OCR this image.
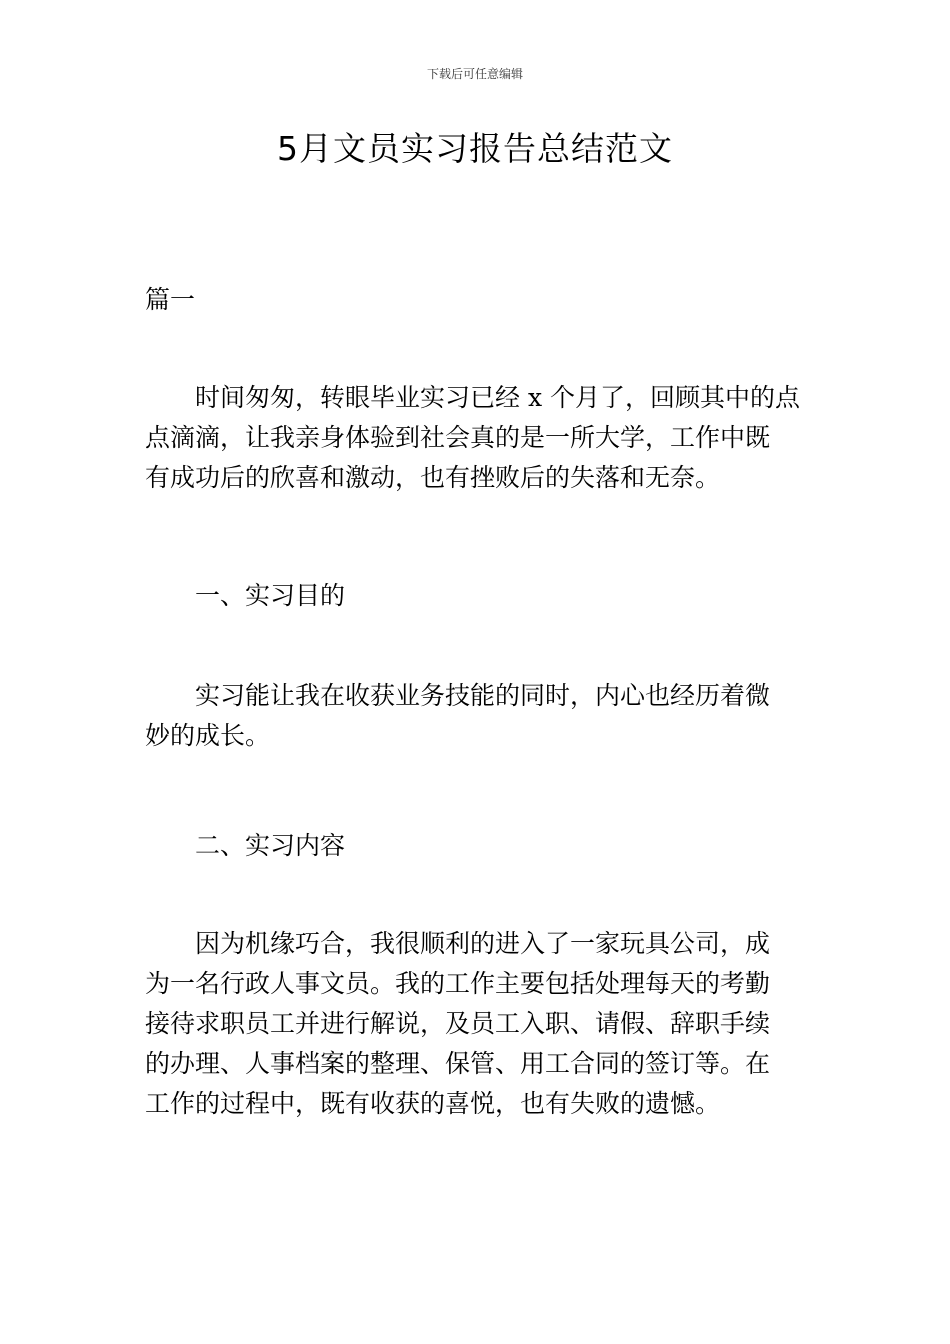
下载后可任意编辑
5月文员实习报告总结范文

篇一

时间匆匆，转眼毕业实习已经 x 个月了，回顾其中的点
点滴滴，让我亲身体验到社会真的是一所大学，工作中既
有成功后的欣喜和激动，也有挫败后的失落和无奈。

一、实习目的

实习能让我在收获业务技能的同时，内心也经历着微
妙的成长。

二、实习内容

因为机缘巧合，我很顺利的进入了一家玩具公司，成
为一名行政人事文员。我的工作主要包括处理每天的考勤
接待求职员工并进行解说，及员工入职、请假、辞职手续
的办理、人事档案的整理、保管、用工合同的签订等。在
工作的过程中，既有收获的喜悦，也有失败的遗憾。
